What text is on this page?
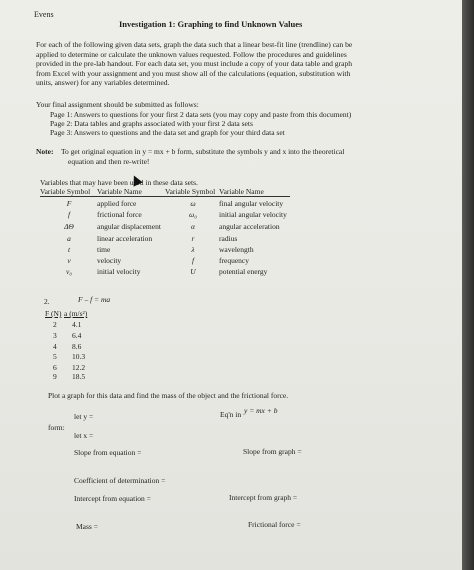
Evens
Investigation 1: Graphing to find Unknown Values
For each of the following given data sets, graph the data such that a linear best-fit line (trendline) can be
applied to determine or calculate the unknown values requested. Follow the procedures and guidelines
provided in the pre-lab handout. For each data set, you must include a copy of your data table and graph
from Excel with your assignment and you must show all of the calculations (equation, substitution with
units, answer) for any variables determined.
Your final assignment should be submitted as follows:
Page 1: Answers to questions for your first 2 data sets (you may copy and paste from this document)
Page 2: Data tables and graphs associated with your first 2 data sets
Page 3: Answers to questions and the data set and graph for your third data set
Note: To get original equation in y = mx + b form, substitute the symbols y and x into the theoretical
equation and then re-write!
Variables that may have been used in these data sets.
Variable Symbol Variable Name	Variable Symbol Variable Name
F	applied force	ω	final angular velocity
f	frictional force	ω₀	initial angular velocity
ΔΘ	angular displacement	α	angular acceleration
a	linear acceleration	r	radius
t	time	λ	wavelength
v	velocity	f	frequency
v₀	initial velocity	U	potential energy
2.	F – f = ma
F (N) a (m/s²)
2 4.1
3 6.4
4 8.6
5 10.3
6 12.2
9 18.5
Plot a graph for this data and find the mass of the object and the frictional force.
let y =	Eq'n in y = mx + b
form:
let x =
Slope from equation =	Slope from graph =
Coefficient of determination =
Intercept from equation =	Intercept from graph =
Mass =	Frictional force =
